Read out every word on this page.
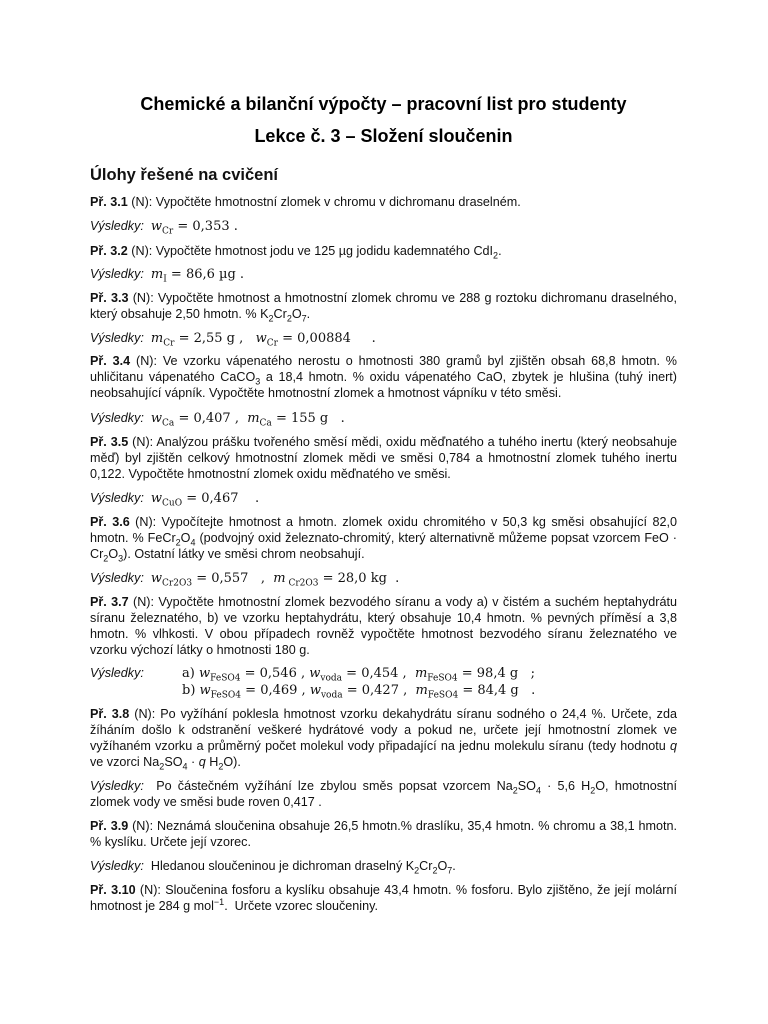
Chemické a bilanční výpočty – pracovní list pro studenty
Lekce č. 3 – Složení sloučenin
Úlohy řešené na cvičení
Př. 3.1 (N): Vypočtěte hmotnostní zlomek v chromu v dichromanu draselném.
Výsledky: $w_{Cr} = 0,353$ .
Př. 3.2 (N): Vypočtěte hmotnost jodu ve 125 µg jodidu kademnatého CdI$_2$.
Výsledky: $m_I = 86,6$ µg .
Př. 3.3 (N): Vypočtěte hmotnost a hmotnostní zlomek chromu ve 288 g roztoku dichromanu draselného, který obsahuje 2,50 hmotn. % $K_2Cr_2O_7$.
Výsledky: $m_{Cr} = 2,55$ g ,   $w_{Cr} = 0,00884$     .
Př. 3.4 (N): Ve vzorku vápenatého nerostu o hmotnosti 380 gramů byl zjištěn obsah 68,8 hmotn. % uhličitanu vápenatého CaCO$_3$ a 18,4 hmotn. % oxidu vápenatého CaO, zbytek je hlušina (tuhý inert) neobsahující vápník. Vypočtěte hmotnostní zlomek a hmotnost vápníku v této směsi.
Výsledky: $w_{Ca} = 0,407$ ,  $m_{Ca} = 155$ g   .
Př. 3.5 (N): Analýzou prášku tvořeného směsí mědi, oxidu měďnatého a tuhého inertu (který neobsahuje měď) byl zjištěn celkový hmotnostní zlomek mědi ve směsi 0,784 a hmotnostní zlomek tuhého inertu 0,122. Vypočtěte hmotnostní zlomek oxidu měďnatého ve směsi.
Výsledky: $w_{CuO} = 0,467$    .
Př. 3.6 (N): Vypočítejte hmotnost a hmotn. zlomek oxidu chromitého v 50,3 kg směsi obsahující 82,0 hmotn. % $FeCr_2O_4$ (podvojný oxid železnato-chromitý, který alternativně můžeme popsat vzorcem FeO · $Cr_2O_3$). Ostatní látky ve směsi chrom neobsahují.
Výsledky: $w_{Cr2O3} = 0,557$   ,  m $_{Cr2O3}$ = 28,0 kg  .
Př. 3.7 (N): Vypočtěte hmotnostní zlomek bezvodého síranu a vody a) v čistém a suchém heptahydrátu síranu železnatého, b) ve vzorku heptahydrátu, který obsahuje 10,4 hmotn. % pevných příměsí a 3,8 hmotn. % vlhkosti. V obou případech rovněž vypočtěte hmotnost bezvodého síranu železnatého ve vzorku výchozí látky o hmotnosti 180 g.
Výsledky:	a) $w_{FeSO4} = 0,546$ , $w_{voda} = 0,454$ ,  $m_{FeSO4} = 98,4$ g   ;
b) $w_{FeSO4} = 0,469$ , $w_{voda} = 0,427$ ,  $m_{FeSO4} = 84,4$ g   .
Př. 3.8 (N): Po vyžíhání poklesla hmotnost vzorku dekahydrátu síranu sodného o 24,4 %. Určete, zda žíháním došlo k odstranění veškeré hydrátové vody a pokud ne, určete její hmotnostní zlomek ve vyžíhaném vzorku a průměrný počet molekul vody připadající na jednu molekulu síranu (tedy hodnotu q ve vzorci $Na_2SO_4 \cdot q$ $H_2O$).
Výsledky:  Po částečném vyžíhání lze zbylou směs popsat vzorcem $Na_2SO_4 \cdot 5,6$ $H_2O$, hmotnostní zlomek vody ve směsi bude roven 0,417 .
Př. 3.9 (N): Neznámá sloučenina obsahuje 26,5 hmotn.% draslíku, 35,4 hmotn. % chromu a 38,1 hmotn. % kyslíku. Určete její vzorec.
Výsledky:  Hledanou sloučeninou je dichroman draselný $K_2Cr_2O_7$.
Př. 3.10 (N): Sloučenina fosforu a kyslíku obsahuje 43,4 hmotn. % fosforu. Bylo zjištěno, že její molární hmotnost je 284 g mol$^{-1}$.  Určete vzorec sloučeniny.
